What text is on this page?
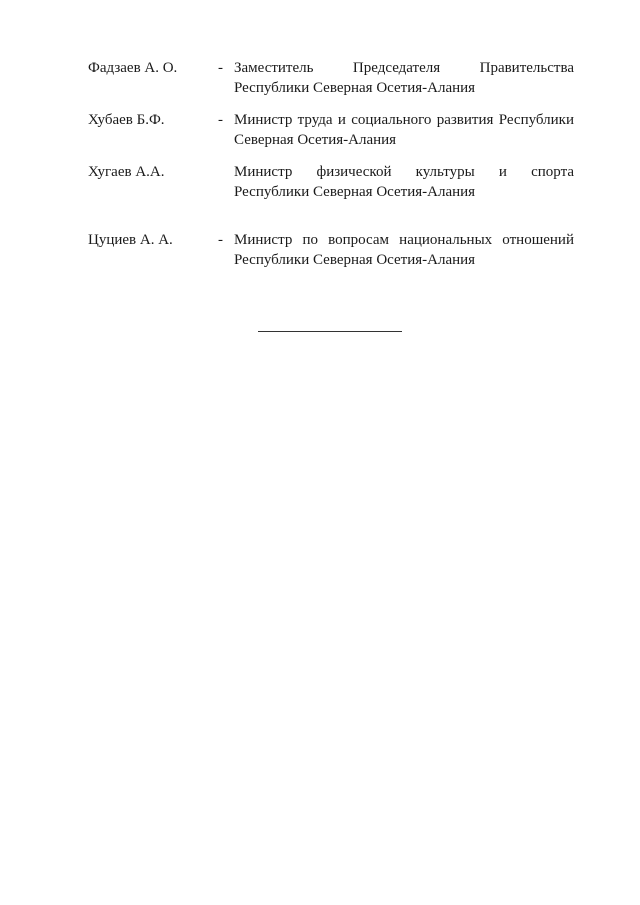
Фадзаев А. О.	- Заместитель Председателя Правительства
Республики Северная Осетия-Алания
Хубаев Б.Ф.	- Министр труда и социального развития Республики
Северная Осетия-Алания
Хугаев А.А.	Министр физической культуры и спорта
Республики Северная Осетия-Алания
Цуциев А. А.	- Министр по вопросам национальных отношений
Республики Северная Осетия-Алания
